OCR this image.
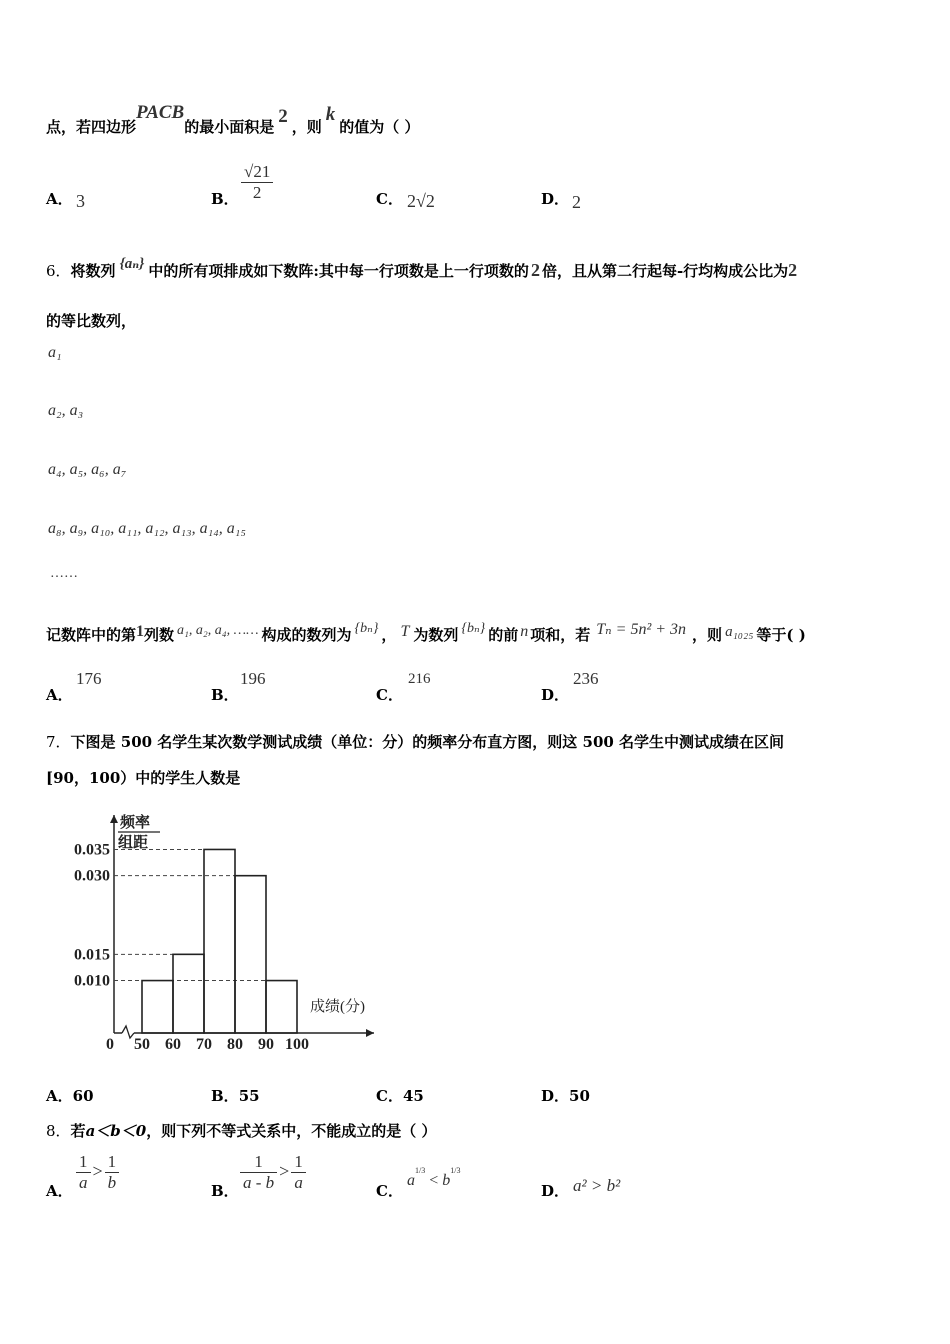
点，若四边形PACB的最小面积是 2 ，则k的值为（ ）
A． 3	B． $\frac{√21}{2}$	C． 2√2	D． 2
6．将数列 {aₙ} 中的所有项排成如下数阵:其中每一行项数是上一行项数的 2 倍，且从第二行起每-行均构成公比为2
的等比数列，
a₁
a₂, a₃
a₄, a₅, a₆, a₇
a₈, a₉, a₁₀, a₁₁, a₁₂, a₁₃, a₁₄, a₁₅
……
记数阵中的第1列数 a₁, a₂, a₄, …… 构成的数列为 {bₙ} ， T 为数列 {bₙ} 的前 n 项和，若 Tₙ = 5n² + 3n ，则 a₁₀₂₅ 等于( )
A．
176
B．
196
C．
216
D．
236
7．下图是 500 名学生某次数学测试成绩（单位：分）的频率分布直方图，则这 500 名学生中测试成绩在区间
[90，100）中的学生人数是
频率
组距
成绩(分)
0
0.010
0.015
0.030
0.035
50 60 70 80 90 100
A．60	B．55	C．45	D．50
8．若a＜b＜0，则下列不等式关系中，不能成立的是（ ）
A． $\frac{1}{a} > \frac{1}{b}$	B． $\frac{1}{a - b} > \frac{1}{a}$	C．
$a^{1/3}< b^{1/3}$
D． a² > b²
